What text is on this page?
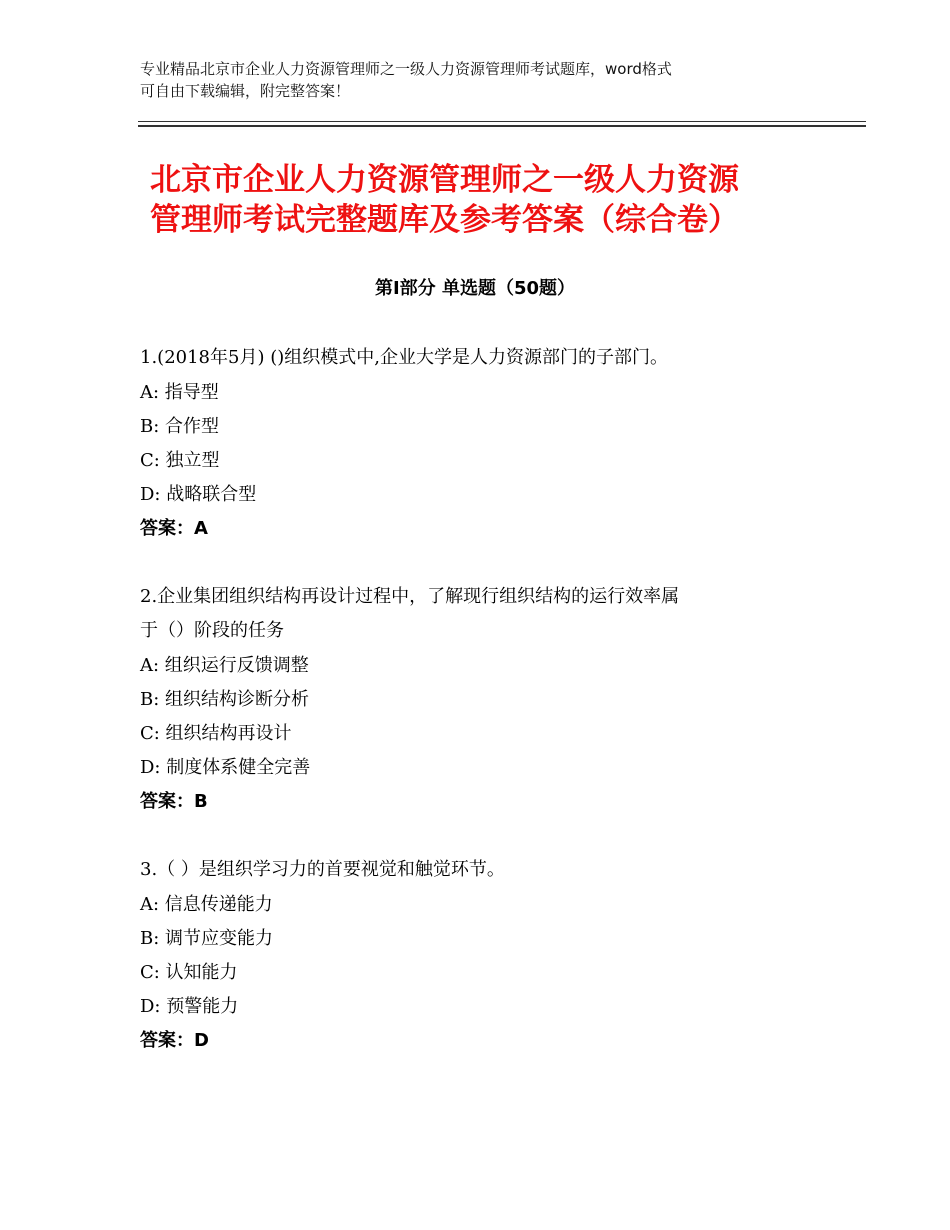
专业精品北京市企业人力资源管理师之一级人力资源管理师考试题库，word格式
可自由下载编辑，附完整答案！
北京市企业人力资源管理师之一级人力资源
管理师考试完整题库及参考答案（综合卷）
第Ⅰ部分 单选题（50题）
1.(2018年5月) ()组织模式中,企业大学是人力资源部门的子部门。
A: 指导型
B: 合作型
C: 独立型
D: 战略联合型
答案：A
2.企业集团组织结构再设计过程中，了解现行组织结构的运行效率属
于（）阶段的任务
A: 组织运行反馈调整
B: 组织结构诊断分析
C: 组织结构再设计
D: 制度体系健全完善
答案：B
3.（ ）是组织学习力的首要视觉和触觉环节。
A: 信息传递能力
B: 调节应变能力
C: 认知能力
D: 预警能力
答案：D
